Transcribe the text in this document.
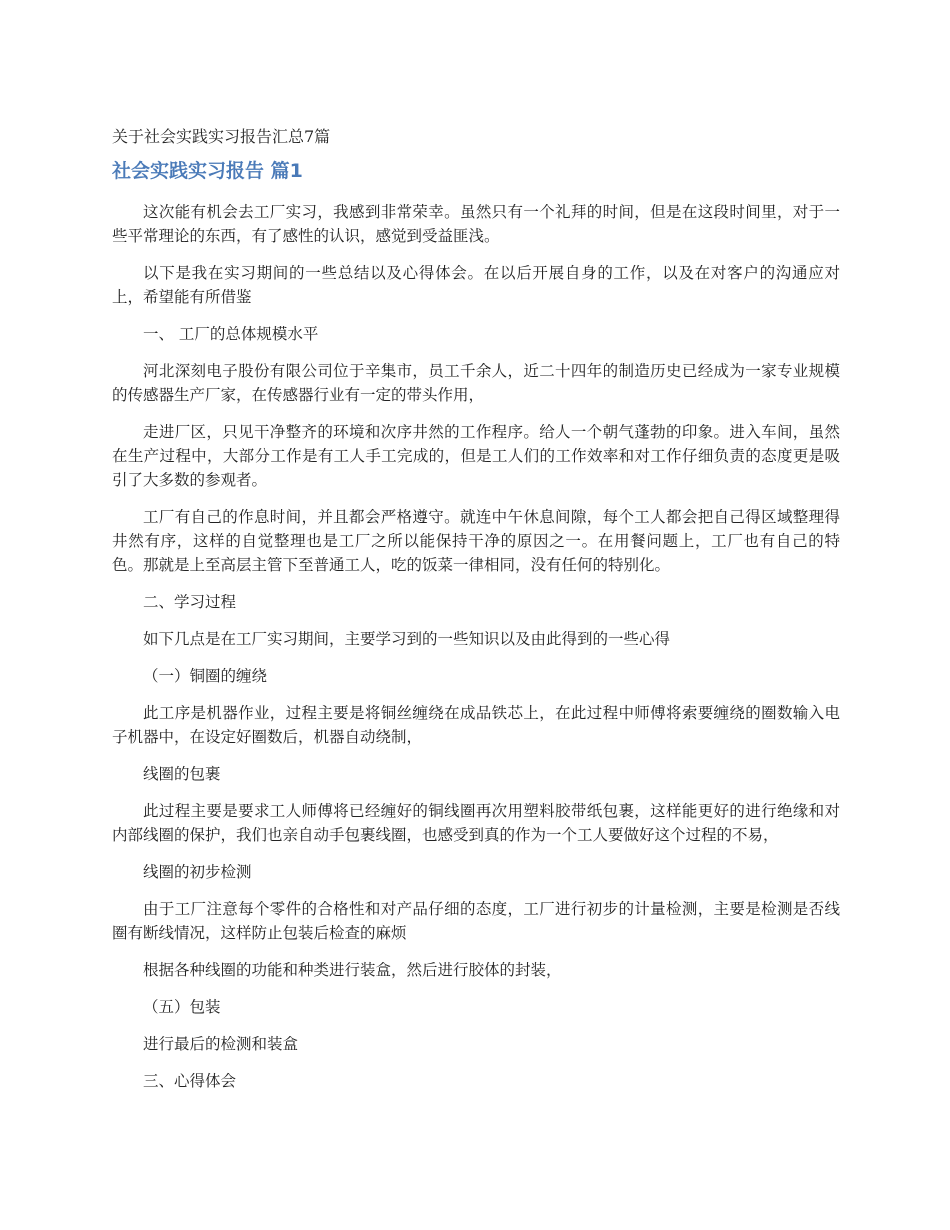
关于社会实践实习报告汇总7篇
社会实践实习报告 篇1

这次能有机会去工厂实习，我感到非常荣幸。虽然只有一个礼拜的时间，但是在这段时间里，对于一些平常理论的东西，有了感性的认识，感觉到受益匪浅。

以下是我在实习期间的一些总结以及心得体会。在以后开展自身的工作，以及在对客户的沟通应对上，希望能有所借鉴

一、 工厂的总体规模水平

河北深刻电子股份有限公司位于辛集市，员工千余人，近二十四年的制造历史已经成为一家专业规模的传感器生产厂家，在传感器行业有一定的带头作用，

走进厂区，只见干净整齐的环境和次序井然的工作程序。给人一个朝气蓬勃的印象。进入车间，虽然在生产过程中，大部分工作是有工人手工完成的，但是工人们的工作效率和对工作仔细负责的态度更是吸引了大多数的参观者。

工厂有自己的作息时间，并且都会严格遵守。就连中午休息间隙，每个工人都会把自己得区域整理得井然有序，这样的自觉整理也是工厂之所以能保持干净的原因之一。在用餐问题上，工厂也有自己的特色。那就是上至高层主管下至普通工人，吃的饭菜一律相同，没有任何的特别化。

二、学习过程

如下几点是在工厂实习期间，主要学习到的一些知识以及由此得到的一些心得

（一）铜圈的缠绕

此工序是机器作业，过程主要是将铜丝缠绕在成品铁芯上，在此过程中师傅将索要缠绕的圈数输入电子机器中，在设定好圈数后，机器自动绕制，

线圈的包裹

此过程主要是要求工人师傅将已经缠好的铜线圈再次用塑料胶带纸包裹，这样能更好的进行绝缘和对内部线圈的保护，我们也亲自动手包裹线圈，也感受到真的作为一个工人要做好这个过程的不易，

线圈的初步检测

由于工厂注意每个零件的合格性和对产品仔细的态度，工厂进行初步的计量检测，主要是检测是否线圈有断线情况，这样防止包装后检查的麻烦

根据各种线圈的功能和种类进行装盒，然后进行胶体的封装，

（五）包装

进行最后的检测和装盒

三、心得体会
